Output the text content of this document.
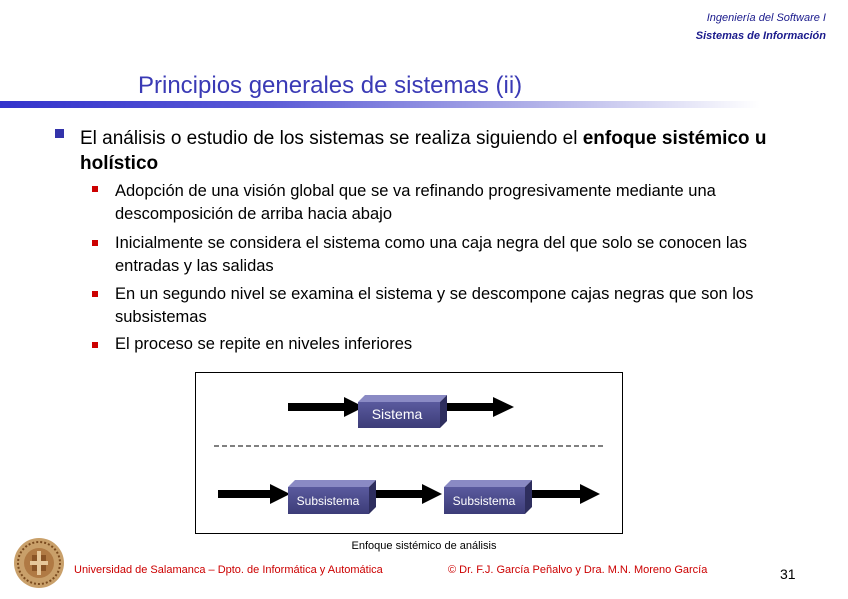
Ingeniería del Software I
Sistemas de Información
Principios generales de sistemas (ii)
El análisis o estudio de los sistemas se realiza siguiendo el enfoque sistémico u holístico
Adopción de una visión global que se va refinando progresivamente mediante una descomposición de arriba hacia abajo
Inicialmente se considera el sistema como una caja negra del que solo se conocen las entradas y las salidas
En un segundo nivel se examina el sistema y se descompone cajas negras que son los subsistemas
El proceso se repite en niveles inferiores
Sistema
Subsistema	Subsistema
Enfoque sistémico de análisis
Universidad de Salamanca – Dpto. de Informática y Automática	© Dr. F.J. García Peñalvo y Dra. M.N. Moreno García	31
